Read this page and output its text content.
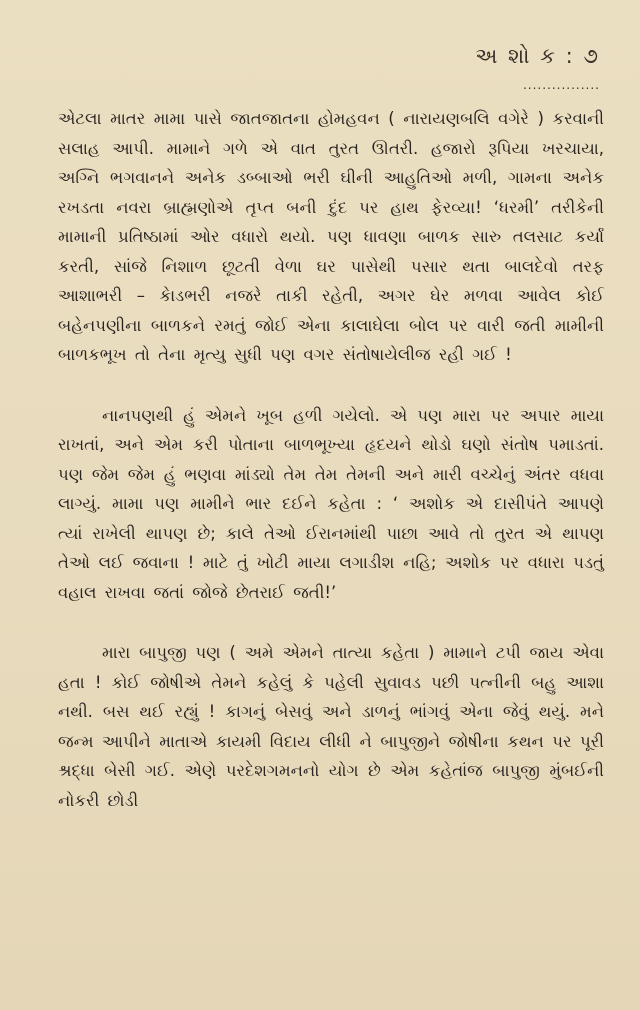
અ શો ક : ૭
................

એટલા માતર મામા પાસે જાતજાતના હોમહવન ( નારાયણબલિ વગેરે ) કરવાની સલાહ આપી. મામાને ગળે એ વાત તુરત ઊતરી. હજારો રૂપિયા ખરચાયા, અગ્નિ ભગવાનને અનેક ડબ્બાઓ ભરી ઘીની આહુતિઓ મળી, ગામના અનેક રખડતા નવરા બ્રાહ્મણોએ તૃપ્ત બની દુંદ પર હાથ ફેરવ્યા! ‘ધરમી’ તરીકેની મામાની પ્રતિષ્ઠામાં ઓર વધારો થયો. પણ ધાવણા બાળક સારુ તલસાટ કર્યાં કરતી, સાંજે નિશાળ છૂટતી વેળા ઘર પાસેથી પસાર થતા બાલદેવો તરફ આશાભરી – કેાડભરી નજરે તાકી રહેતી, અગર ઘેર મળવા આવેલ કોઈ બહેનપણીના બાળકને રમતું જોઈ એના કાલાઘેલા બોલ પર વારી જતી મામીની બાળકભૂખ તો તેના મૃત્યુ સુધી પણ વગર સંતોષાયેલીજ રહી ગઈ !

નાનપણથી હું એમને ખૂબ હળી ગયેલો. એ પણ મારા પર અપાર માયા રાખતાં, અને એમ કરી પોતાના બાળભૂખ્યા હૃદયને થોડો ઘણો સંતોષ પમાડતાં. પણ જેમ જેમ હું ભણવા માંડ્યો તેમ તેમ તેમની અને મારી વચ્ચેનું અંતર વધવા લાગ્યું. મામા પણ મામીને ભાર દઈને કહેતા : ‘ અશોક એ દાસીપંતે આપણે ત્યાં રાખેલી થાપણ છે; કાલે તેઓ ઈરાનમાંથી પાછા આવે તો તુરત એ થાપણ તેઓ લઈ જવાના ! માટે તું ખોટી માયા લગાડીશ નહિ; અશોક પર વધારા પડતું વહાલ રાખવા જતાં જોજે છેતરાઈ જતી!’

મારા બાપુજી પણ ( અમે એમને તાત્યા કહેતા ) મામાને ટપી જાય એવા હતા ! કોઈ જોષીએ તેમને કહેલું કે પહેલી સુવાવડ પછી પત્નીની બહુ આશા નથી. બસ થઈ રહ્યું ! કાગનું બેસવું અને ડાળનું ભાંગવું એના જેવું થયું. મને જન્મ આપીને માતાએ કાયમી વિદાય લીધી ને બાપુજીને જોષીના કથન પર પૂરી શ્રદ્ધા બેસી ગઈ. એણે પરદેશગમનનો યોગ છે એમ કહેતાંજ બાપુજી મુંબઈની નોકરી છોડી
